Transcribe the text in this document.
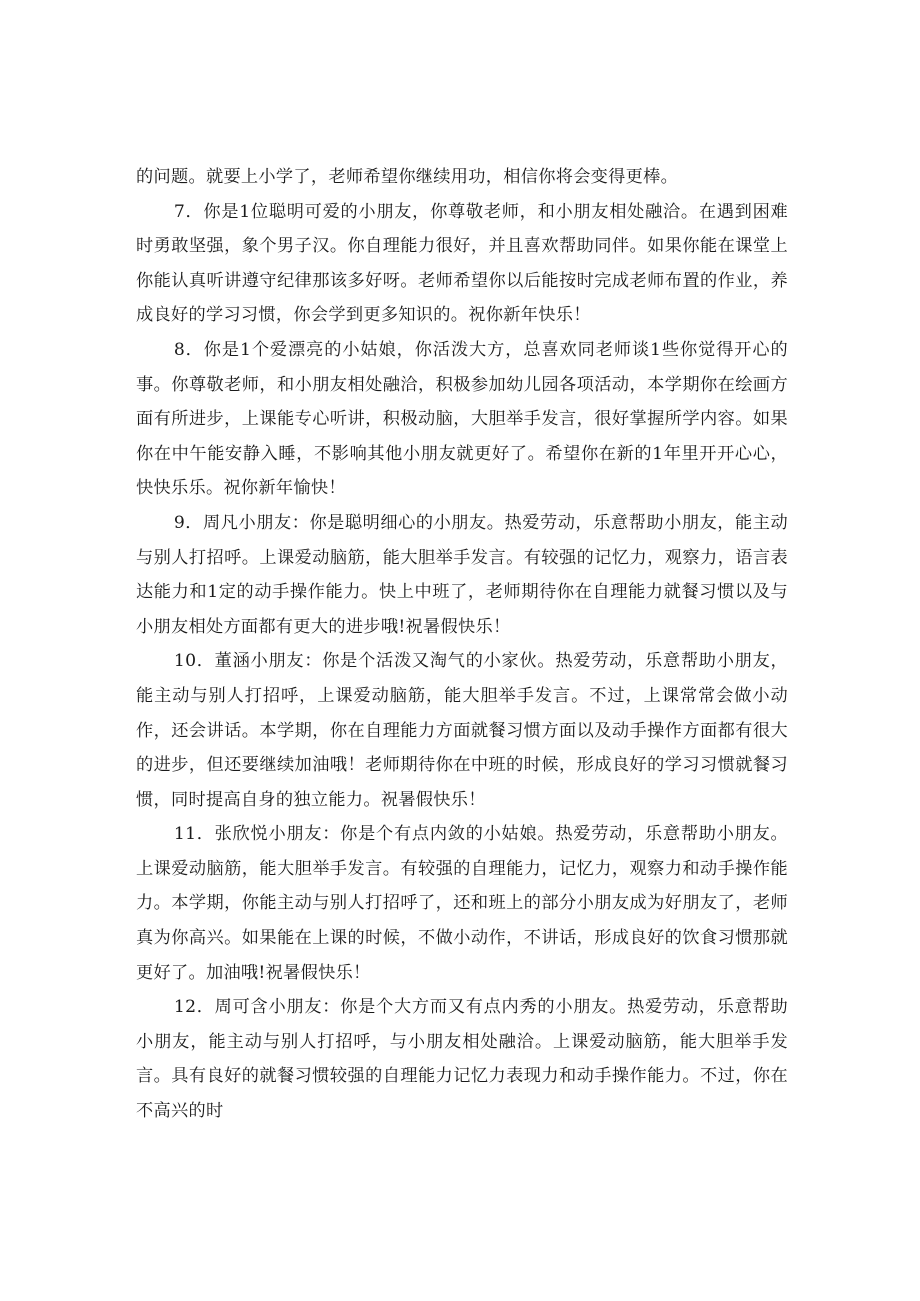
的问题。就要上小学了，老师希望你继续用功，相信你将会变得更棒。

7．你是1位聪明可爱的小朋友，你尊敬老师，和小朋友相处融洽。在遇到困难时勇敢坚强，象个男子汉。你自理能力很好，并且喜欢帮助同伴。如果你能在课堂上你能认真听讲遵守纪律那该多好呀。老师希望你以后能按时完成老师布置的作业，养成良好的学习习惯，你会学到更多知识的。祝你新年快乐！

8．你是1个爱漂亮的小姑娘，你活泼大方，总喜欢同老师谈1些你觉得开心的事。你尊敬老师，和小朋友相处融洽，积极参加幼儿园各项活动，本学期你在绘画方面有所进步，上课能专心听讲，积极动脑，大胆举手发言，很好掌握所学内容。如果你在中午能安静入睡，不影响其他小朋友就更好了。希望你在新的1年里开开心心，快快乐乐。祝你新年愉快！

9．周凡小朋友：你是聪明细心的小朋友。热爱劳动，乐意帮助小朋友，能主动与别人打招呼。上课爱动脑筋，能大胆举手发言。有较强的记忆力，观察力，语言表达能力和1定的动手操作能力。快上中班了，老师期待你在自理能力就餐习惯以及与小朋友相处方面都有更大的进步哦!祝暑假快乐！

10．董涵小朋友：你是个活泼又淘气的小家伙。热爱劳动，乐意帮助小朋友，能主动与别人打招呼，上课爱动脑筋，能大胆举手发言。不过，上课常常会做小动作，还会讲话。本学期，你在自理能力方面就餐习惯方面以及动手操作方面都有很大的进步，但还要继续加油哦！老师期待你在中班的时候，形成良好的学习习惯就餐习惯，同时提高自身的独立能力。祝暑假快乐！

11．张欣悦小朋友：你是个有点内敛的小姑娘。热爱劳动，乐意帮助小朋友。上课爱动脑筋，能大胆举手发言。有较强的自理能力，记忆力，观察力和动手操作能力。本学期，你能主动与别人打招呼了，还和班上的部分小朋友成为好朋友了，老师真为你高兴。如果能在上课的时候，不做小动作，不讲话，形成良好的饮食习惯那就更好了。加油哦!祝暑假快乐！

12．周可含小朋友：你是个大方而又有点内秀的小朋友。热爱劳动，乐意帮助小朋友，能主动与别人打招呼，与小朋友相处融洽。上课爱动脑筋，能大胆举手发言。具有良好的就餐习惯较强的自理能力记忆力表现力和动手操作能力。不过，你在不高兴的时
